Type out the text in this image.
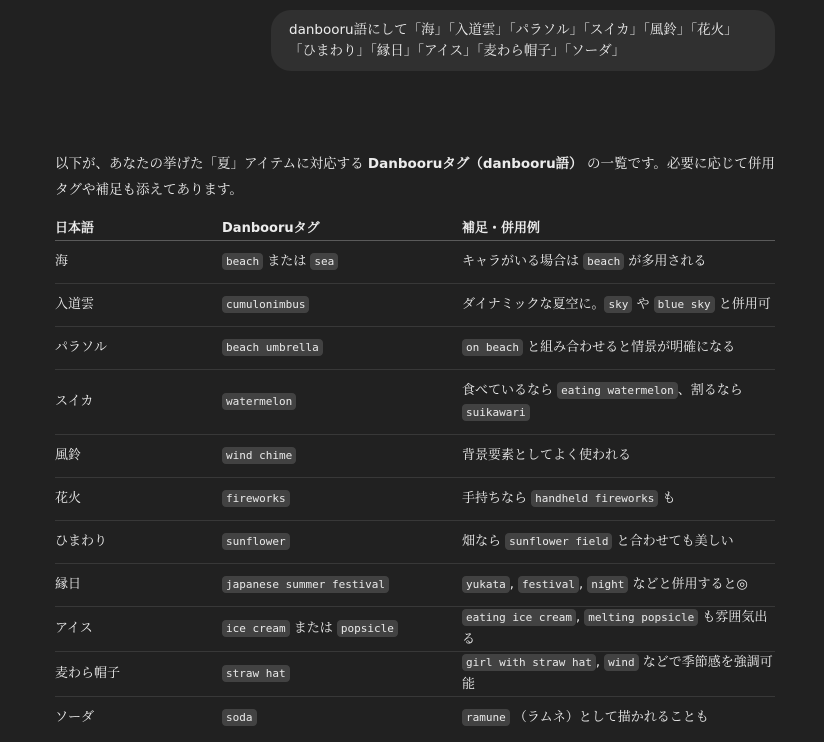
danbooru語にして「海」「入道雲」「パラソル」「スイカ」「風鈴」「花火」「ひまわり」「縁日」「アイス」「麦わら帽子」「ソーダ」
以下が、あなたの挙げた「夏」アイテムに対応する Danbooruタグ（danbooru語） の一覧です。必要に応じて併用タグや補足も添えてあります。
日本語	Danbooruタグ	補足・併用例
海	beach または sea	キャラがいる場合は beach が多用される
入道雲	cumulonimbus	ダイナミックな夏空に。 sky や blue sky と併用可
パラソル	beach umbrella	on beach と組み合わせると情景が明確になる
スイカ	watermelon	食べているなら eating watermelon 、割るなら suikawari
風鈴	wind chime	背景要素としてよく使われる
花火	fireworks	手持ちなら handheld fireworks も
ひまわり	sunflower	畑なら sunflower field と合わせても美しい
縁日	japanese summer festival	yukata , festival , night などと併用すると◎
アイス	ice cream または popsicle	eating ice cream , melting popsicle も雰囲気出る
麦わら帽子	straw hat	girl with straw hat , wind などで季節感を強調可能
ソーダ	soda	ramune （ラムネ）として描かれることも
